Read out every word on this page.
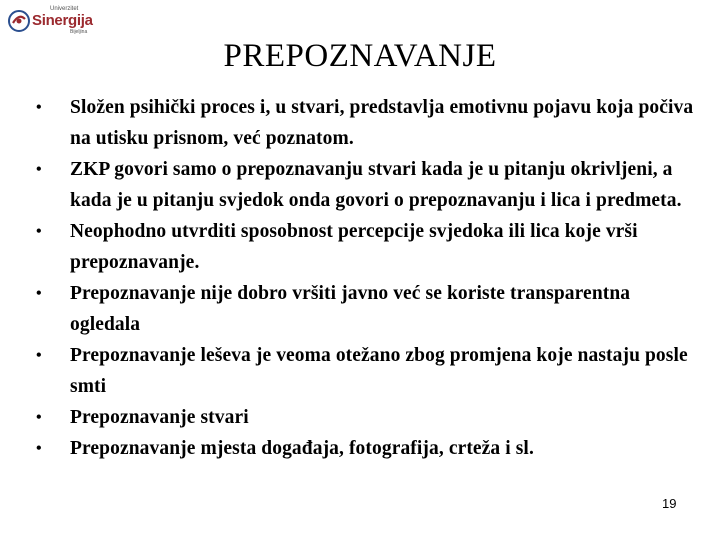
Univerzitet
Sinergija
Bijeljina
PREPOZNAVANJE
• Složen psihički proces i, u stvari, predstavlja emotivnu pojavu koja počiva na utisku prisnom, već poznatom.
• ZKP govori samo o prepoznavanju stvari kada je u pitanju okrivljeni, a kada je u pitanju svjedok onda govori o prepoznavanju i lica i predmeta.
• Neophodno utvrditi sposobnost percepcije svjedoka ili lica koje vrši prepoznavanje.
• Prepoznavanje nije dobro vršiti javno već se koriste transparentna ogledala
• Prepoznavanje leševa je veoma otežano zbog promjena koje nastaju posle smti
• Prepoznavanje stvari
• Prepoznavanje mjesta događaja, fotografija, crteža i sl.
19
